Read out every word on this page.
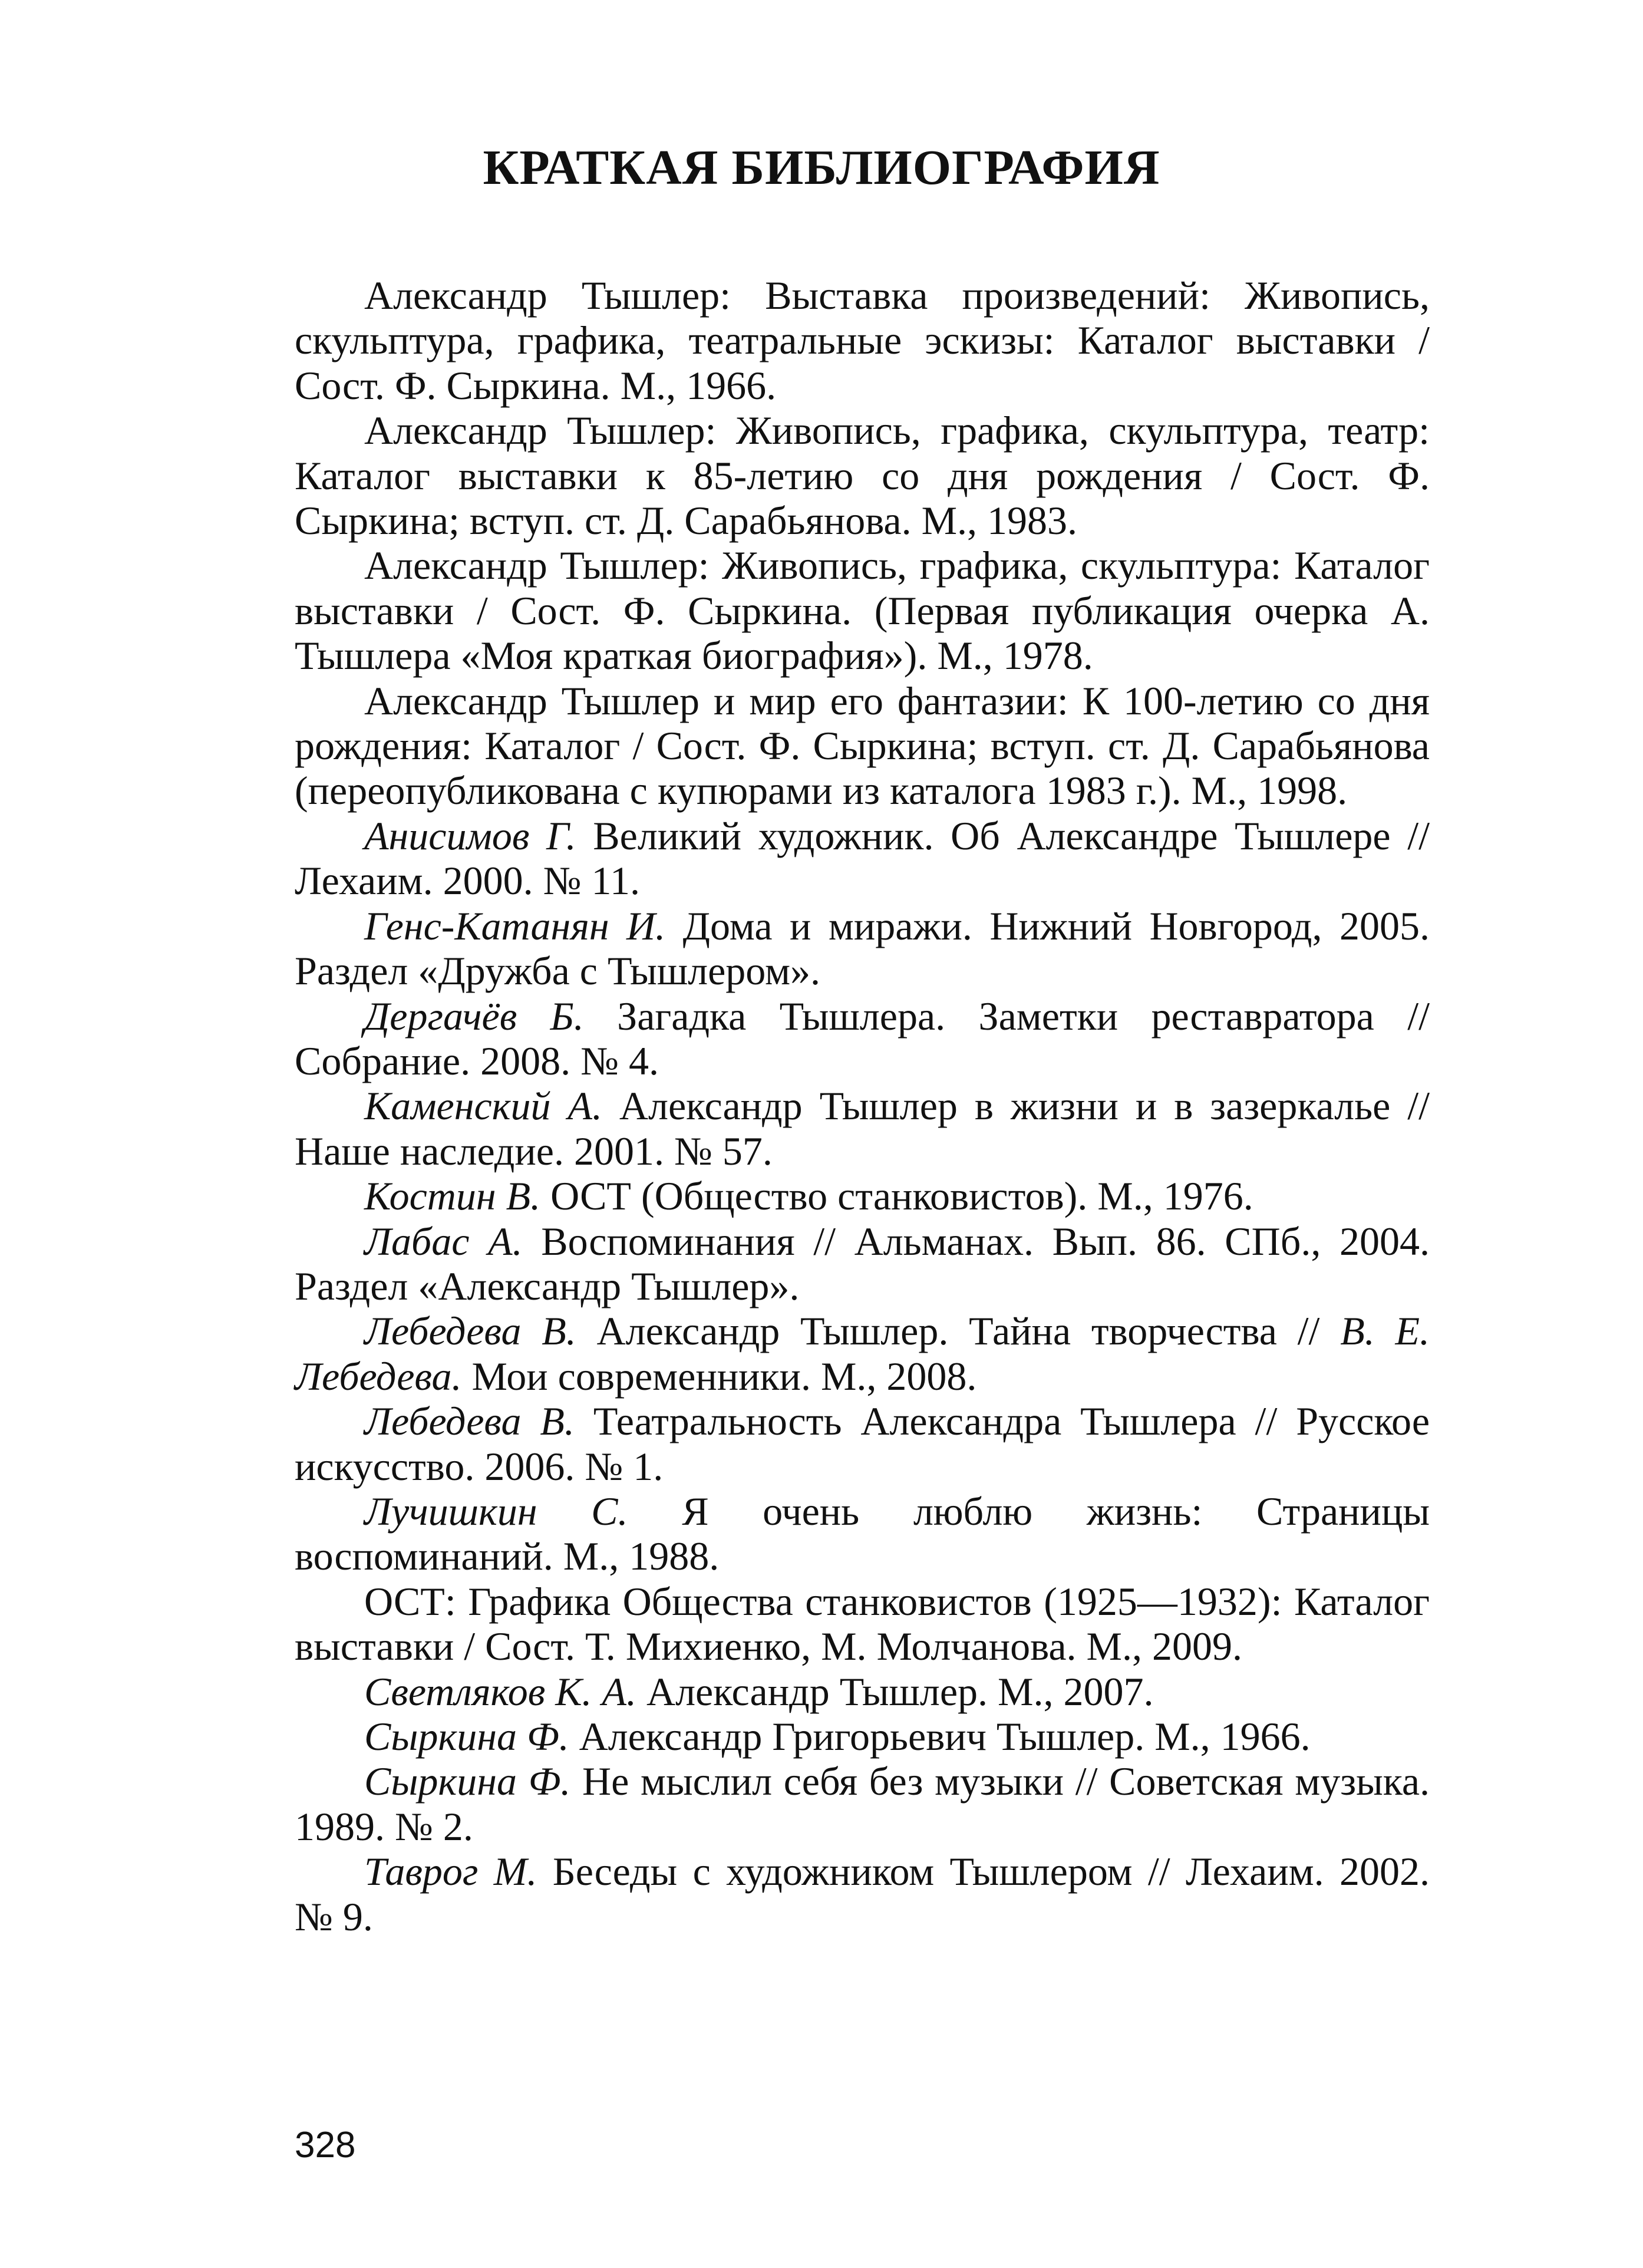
КРАТКАЯ БИБЛИОГРАФИЯ

Александр Тышлер: Выставка произведений: Живопись, скульптура, графика, театральные эскизы: Каталог выставки / Сост. Ф. Сыркина. М., 1966.

Александр Тышлер: Живопись, графика, скульптура, театр: Каталог выставки к 85-летию со дня рождения / Сост. Ф. Сыркина; вступ. ст. Д. Сарабьянова. М., 1983.

Александр Тышлер: Живопись, графика, скульптура: Каталог выставки / Сост. Ф. Сыркина. (Первая публикация очерка А. Тышлера «Моя краткая биография»). М., 1978.

Александр Тышлер и мир его фантазии: К 100-летию со дня рождения: Каталог / Сост. Ф. Сыркина; вступ. ст. Д. Сарабьянова (переопубликована с купюрами из каталога 1983 г.). М., 1998.

Анисимов Г. Великий художник. Об Александре Тышлере // Лехаим. 2000. № 11.

Генс-Катанян И. Дома и миражи. Нижний Новгород, 2005. Раздел «Дружба с Тышлером».

Дергачёв Б. Загадка Тышлера. Заметки реставратора // Собрание. 2008. № 4.

Каменский А. Александр Тышлер в жизни и в зазеркалье // Наше наследие. 2001. № 57.

Костин В. ОСТ (Общество станковистов). М., 1976.

Лабас А. Воспоминания // Альманах. Вып. 86. СПб., 2004. Раздел «Александр Тышлер».

Лебедева В. Александр Тышлер. Тайна творчества // В. Е. Лебедева. Мои современники. М., 2008.

Лебедева В. Театральность Александра Тышлера // Русское искусство. 2006. № 1.

Лучишкин С. Я очень люблю жизнь: Страницы воспоминаний. М., 1988.

ОСТ: Графика Общества станковистов (1925—1932): Каталог выставки / Сост. Т. Михиенко, М. Молчанова. М., 2009.

Светляков К. А. Александр Тышлер. М., 2007.

Сыркина Ф. Александр Григорьевич Тышлер. М., 1966.

Сыркина Ф. Не мыслил себя без музыки // Советская музыка. 1989. № 2.

Таврог М. Беседы с художником Тышлером // Лехаим. 2002. № 9.

328
